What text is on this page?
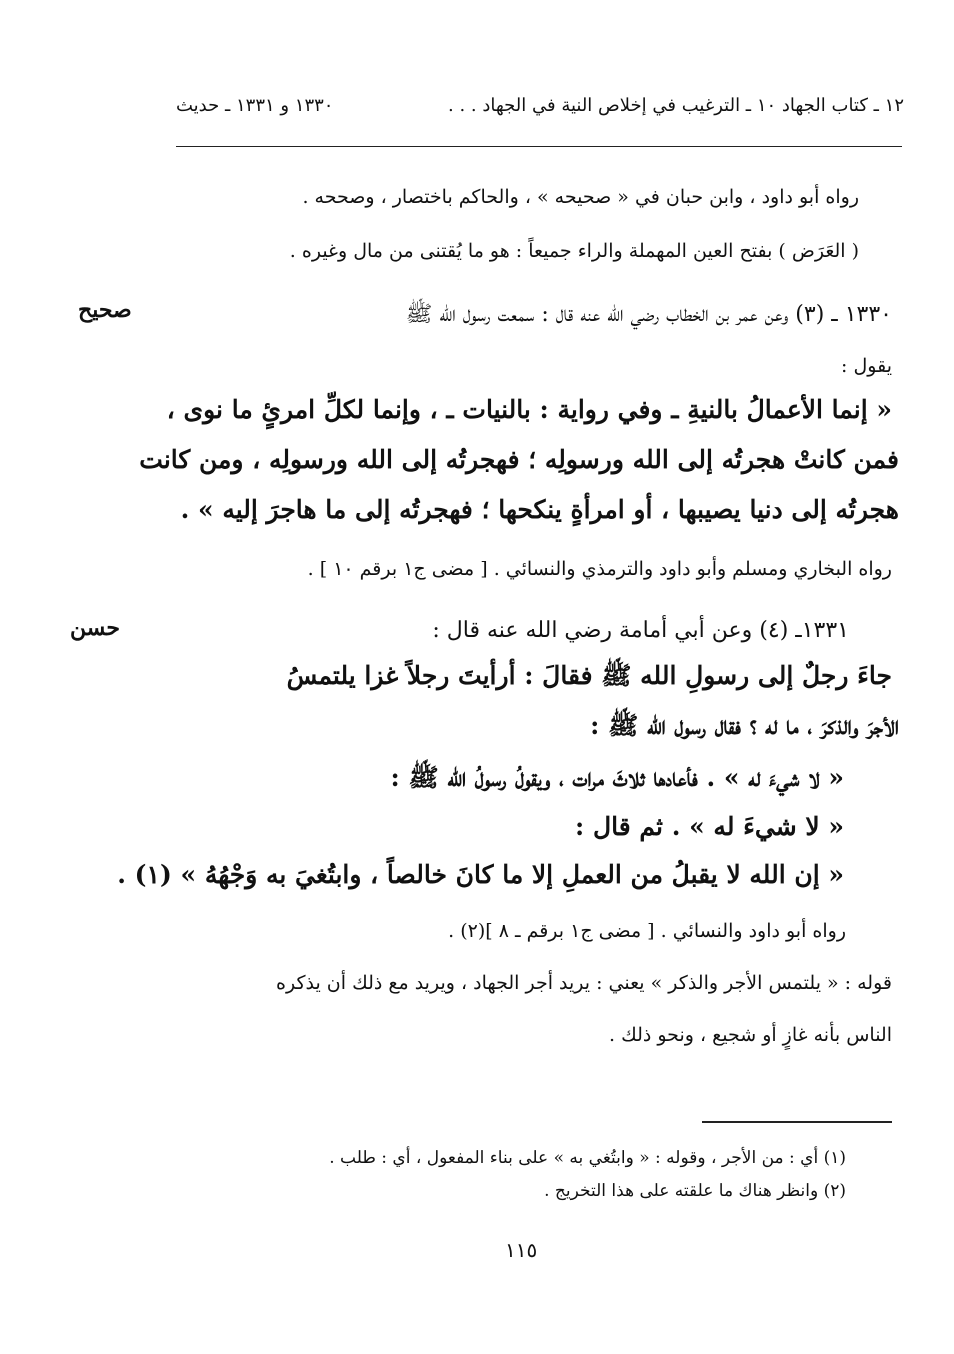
١٣٣٠ و ١٣٣١ ـ حديث	١٢ ـ كتاب الجهاد ١٠ ـ الترغيب في إخلاص النية في الجهاد . . .
رواه أبو داود ، وابن حبان في « صحيحه » ، والحاكم باختصار ، وصححه .
( العَرَض ) بفتح العين المهملة والراء جميعاً : هو ما يُقتنى من مال وغيره .
صحيح	١٣٣٠ ـ (٣) وعن عمر بن الخطاب رضي الله عنه قال : سمعت رسول الله ﷺ
يقول :
« إنما الأعمالُ بالنيةِ ـ وفي رواية : بالنيات ـ ، وإنما لكلِّ امرئٍ ما نوى ،
فمن كانتْ هجرتُه إلى الله ورسولِه ؛ فهجرتُه إلى الله ورسولِه ، ومن كانت
هجرتُه إلى دنيا يصيبها ، أو امرأةٍ ينكحها ؛ فهجرتُه إلى ما هاجرَ إليه » .
رواه البخاري ومسلم وأبو داود والترمذي والنسائي . [ مضى ج١ برقم ١٠ ] .
حسن	١٣٣١ـ (٤) وعن أبي أمامة رضي الله عنه قال :
جاءَ رجلٌ إلى رسولِ الله ﷺ فقالَ : أرأيتَ رجلاً غزا يلتمسُ
الأجرَ والذكرَ ، ما له ؟ فقال رسول الله ﷺ :
« لا شيءَ له » . فأعادها ثلاثَ مرات ، ويقولُ رسولُ الله ﷺ :
« لا شيءَ له » . ثم قال :
« إن الله لا يقبلُ من العملِ إلا ما كانَ خالصاً ، وابتُغيَ به وَجْهُهُ » (١) .
رواه أبو داود والنسائي . [ مضى ج١ برقم ـ ٨ ](٢) .
قوله : « يلتمس الأجر والذكر » يعني : يريد أجر الجهاد ، ويريد مع ذلك أن يذكره
الناس بأنه غازٍ أو شجيع ، ونحو ذلك .
(١) أي : من الأجر ، وقوله : « وابتُغي به » على بناء المفعول ، أي : طلب .
(٢) وانظر هناك ما علقته على هذا التخريج .
١١٥
